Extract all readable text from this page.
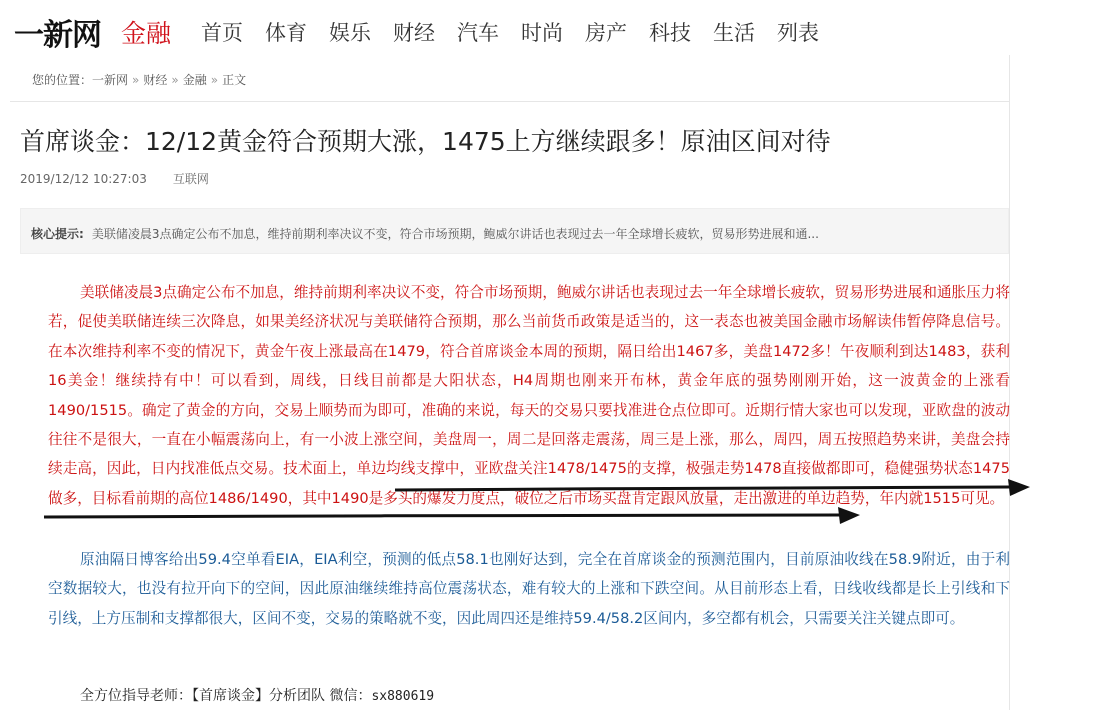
一新网 金融 首页 体育 娱乐 财经 汽车 时尚 房产 科技 生活 列表
您的位置：一新网 » 财经 » 金融 » 正文
首席谈金：12/12黄金符合预期大涨，1475上方继续跟多！原油区间对待
2019/12/12 10:27:03 互联网
核心提示: 美联储凌晨3点确定公布不加息，维持前期利率决议不变，符合市场预期，鲍威尔讲话也表现过去一年全球增长疲软，贸易形势进展和通...

美联储凌晨3点确定公布不加息，维持前期利率决议不变，符合市场预期，鲍威尔讲话也表现过去一年全球增长疲软，贸易形势进展和通胀压力将若，促使美联储连续三次降息，如果美经济状况与美联储符合预期，那么当前货币政策是适当的，这一表态也被美国金融市场解读伟暂停降息信号。在本次维持利率不变的情况下，黄金午夜上涨最高在1479，符合首席谈金本周的预期，隔日给出1467多，美盘1472多！午夜顺利到达1483，获利16美金！继续持有中！可以看到，周线，日线目前都是大阳状态，H4周期也刚来开布林，黄金年底的强势刚刚开始，这一波黄金的上涨看1490/1515。确定了黄金的方向，交易上顺势而为即可，准确的来说，每天的交易只要找准进仓点位即可。近期行情大家也可以发现，亚欧盘的波动往往不是很大，一直在小幅震荡向上，有一小波上涨空间，美盘周一，周二是回落走震荡，周三是上涨，那么，周四，周五按照趋势来讲，美盘会持续走高，因此，日内找准低点交易。技术面上，单边均线支撑中，亚欧盘关注1478/1475的支撑，极强走势1478直接做都即可，稳健强势状态1475做多，目标看前期的高位1486/1490，其中1490是多头的爆发力度点，破位之后市场买盘肯定跟风放量，走出激进的单边趋势，年内就1515可见。

原油隔日博客给出59.4空单看EIA，EIA利空，预测的低点58.1也刚好达到，完全在首席谈金的预测范围内，目前原油收线在58.9附近，由于利空数据较大，也没有拉开向下的空间，因此原油继续维持高位震荡状态，难有较大的上涨和下跌空间。从目前形态上看，日线收线都是长上引线和下引线，上方压制和支撑都很大，区间不变，交易的策略就不变，因此周四还是维持59.4/58.2区间内，多空都有机会，只需要关注关键点即可。

全方位指导老师：【首席谈金】分析团队 微信：sx880619
